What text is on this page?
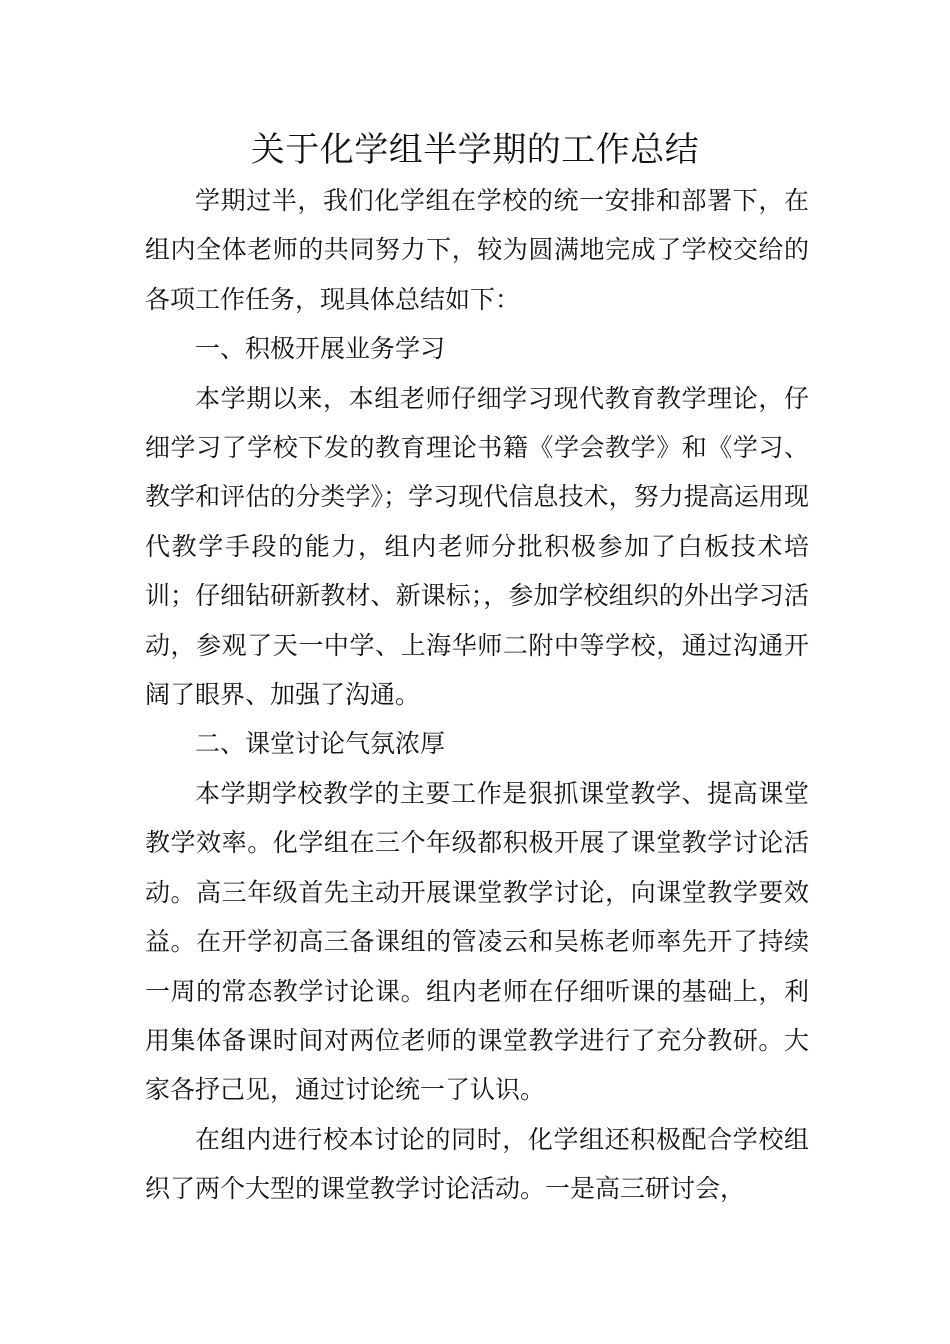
关于化学组半学期的工作总结

学期过半，我们化学组在学校的统一安排和部署下，在组内全体老师的共同努力下，较为圆满地完成了学校交给的各项工作任务，现具体总结如下：

一、积极开展业务学习

本学期以来，本组老师仔细学习现代教育教学理论，仔细学习了学校下发的教育理论书籍《学会教学》和《学习、教学和评估的分类学》；学习现代信息技术，努力提高运用现代教学手段的能力，组内老师分批积极参加了白板技术培训；仔细钻研新教材、新课标；，参加学校组织的外出学习活动，参观了天一中学、上海华师二附中等学校，通过沟通开阔了眼界、加强了沟通。

二、课堂讨论气氛浓厚

本学期学校教学的主要工作是狠抓课堂教学、提高课堂教学效率。化学组在三个年级都积极开展了课堂教学讨论活动。高三年级首先主动开展课堂教学讨论，向课堂教学要效益。在开学初高三备课组的管凌云和吴栋老师率先开了持续一周的常态教学讨论课。组内老师在仔细听课的基础上，利用集体备课时间对两位老师的课堂教学进行了充分教研。大家各抒己见，通过讨论统一了认识。

在组内进行校本讨论的同时，化学组还积极配合学校组织了两个大型的课堂教学讨论活动。一是高三研讨会，
